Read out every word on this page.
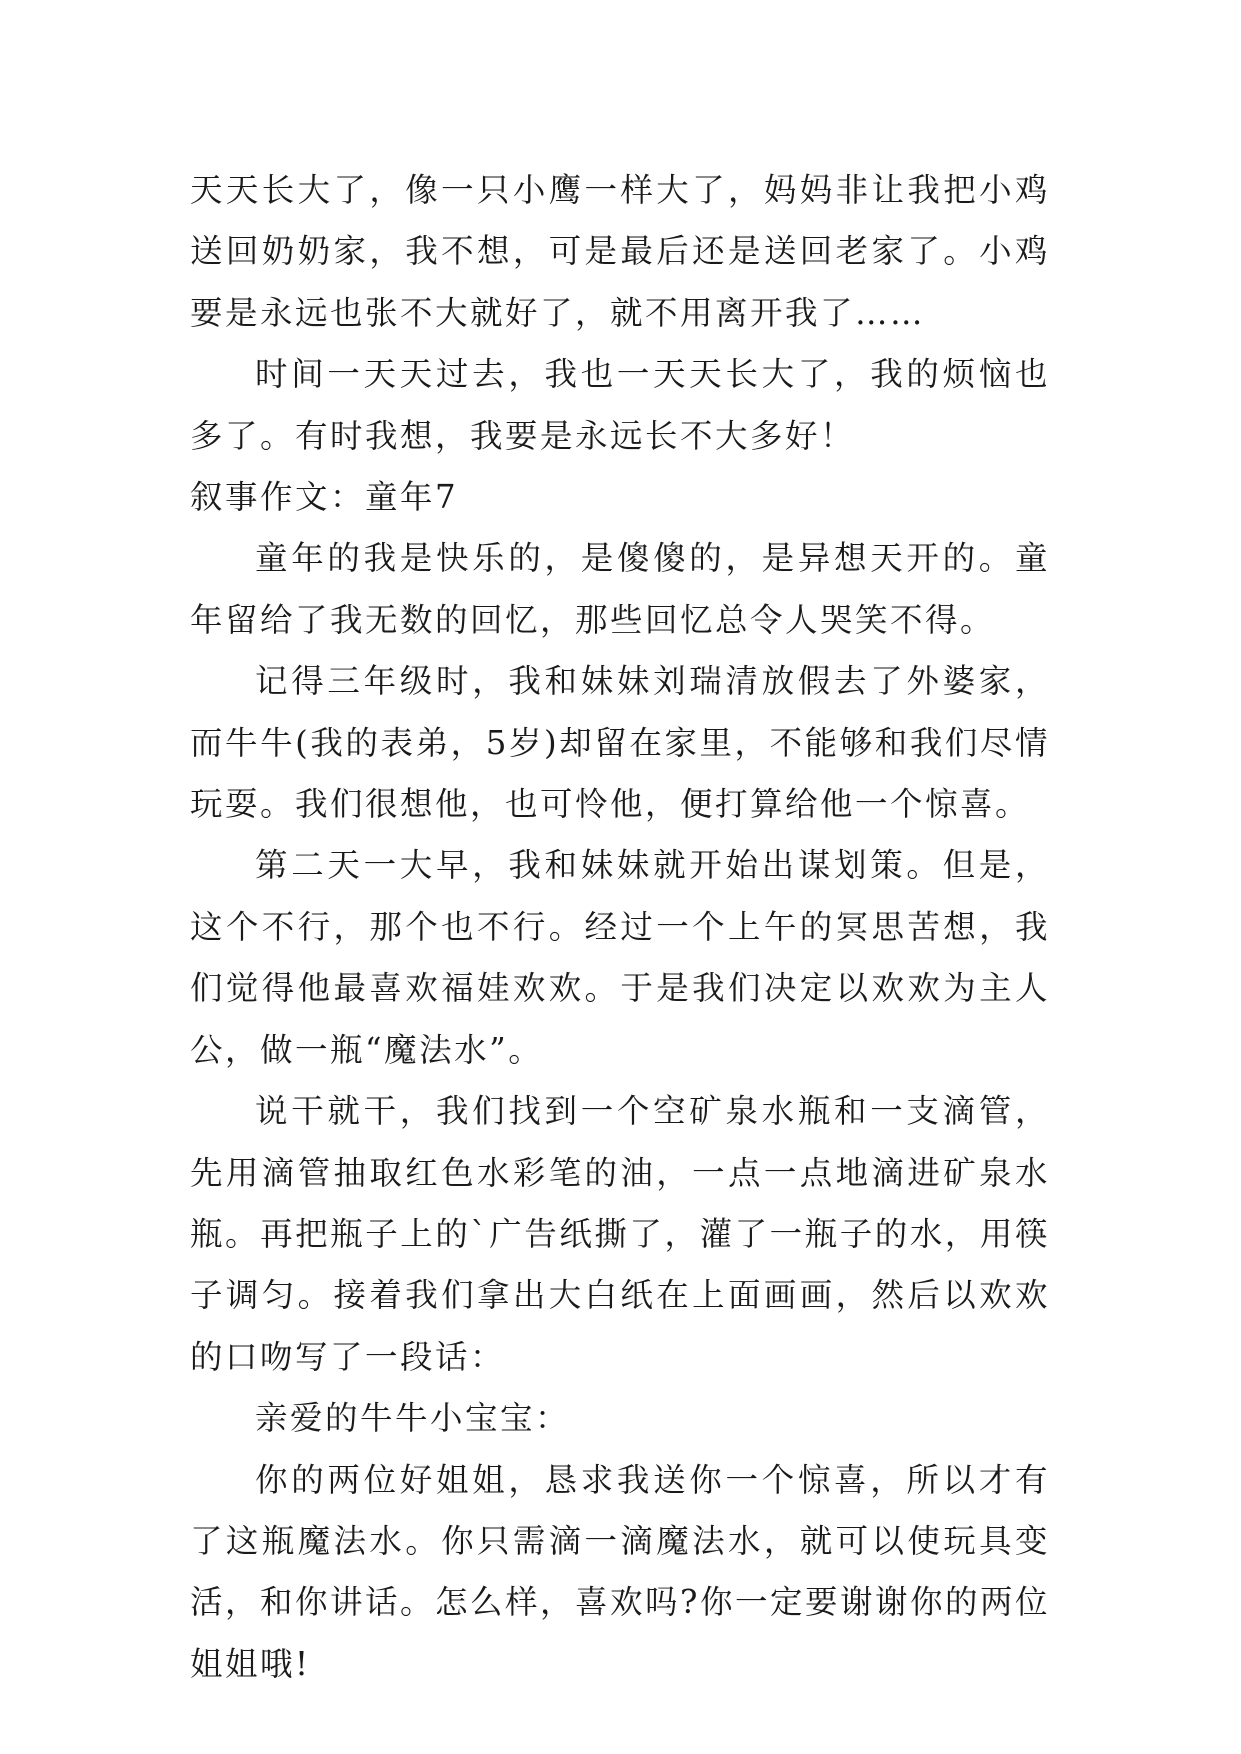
天天长大了，像一只小鹰一样大了，妈妈非让我把小鸡送回奶奶家，我不想，可是最后还是送回老家了。小鸡要是永远也张不大就好了，就不用离开我了……

时间一天天过去，我也一天天长大了，我的烦恼也多了。有时我想，我要是永远长不大多好！

叙事作文：童年7

童年的我是快乐的，是傻傻的，是异想天开的。童年留给了我无数的回忆，那些回忆总令人哭笑不得。

记得三年级时，我和妹妹刘瑞清放假去了外婆家，而牛牛(我的表弟，5岁)却留在家里，不能够和我们尽情玩耍。我们很想他，也可怜他，便打算给他一个惊喜。

第二天一大早，我和妹妹就开始出谋划策。但是，这个不行，那个也不行。经过一个上午的冥思苦想，我们觉得他最喜欢福娃欢欢。于是我们决定以欢欢为主人公，做一瓶“魔法水”。

说干就干，我们找到一个空矿泉水瓶和一支滴管，先用滴管抽取红色水彩笔的油，一点一点地滴进矿泉水瓶。再把瓶子上的`广告纸撕了，灌了一瓶子的水，用筷子调匀。接着我们拿出大白纸在上面画画，然后以欢欢的口吻写了一段话：

亲爱的牛牛小宝宝：

你的两位好姐姐，恳求我送你一个惊喜，所以才有了这瓶魔法水。你只需滴一滴魔法水，就可以使玩具变活，和你讲话。怎么样，喜欢吗?你一定要谢谢你的两位姐姐哦!
